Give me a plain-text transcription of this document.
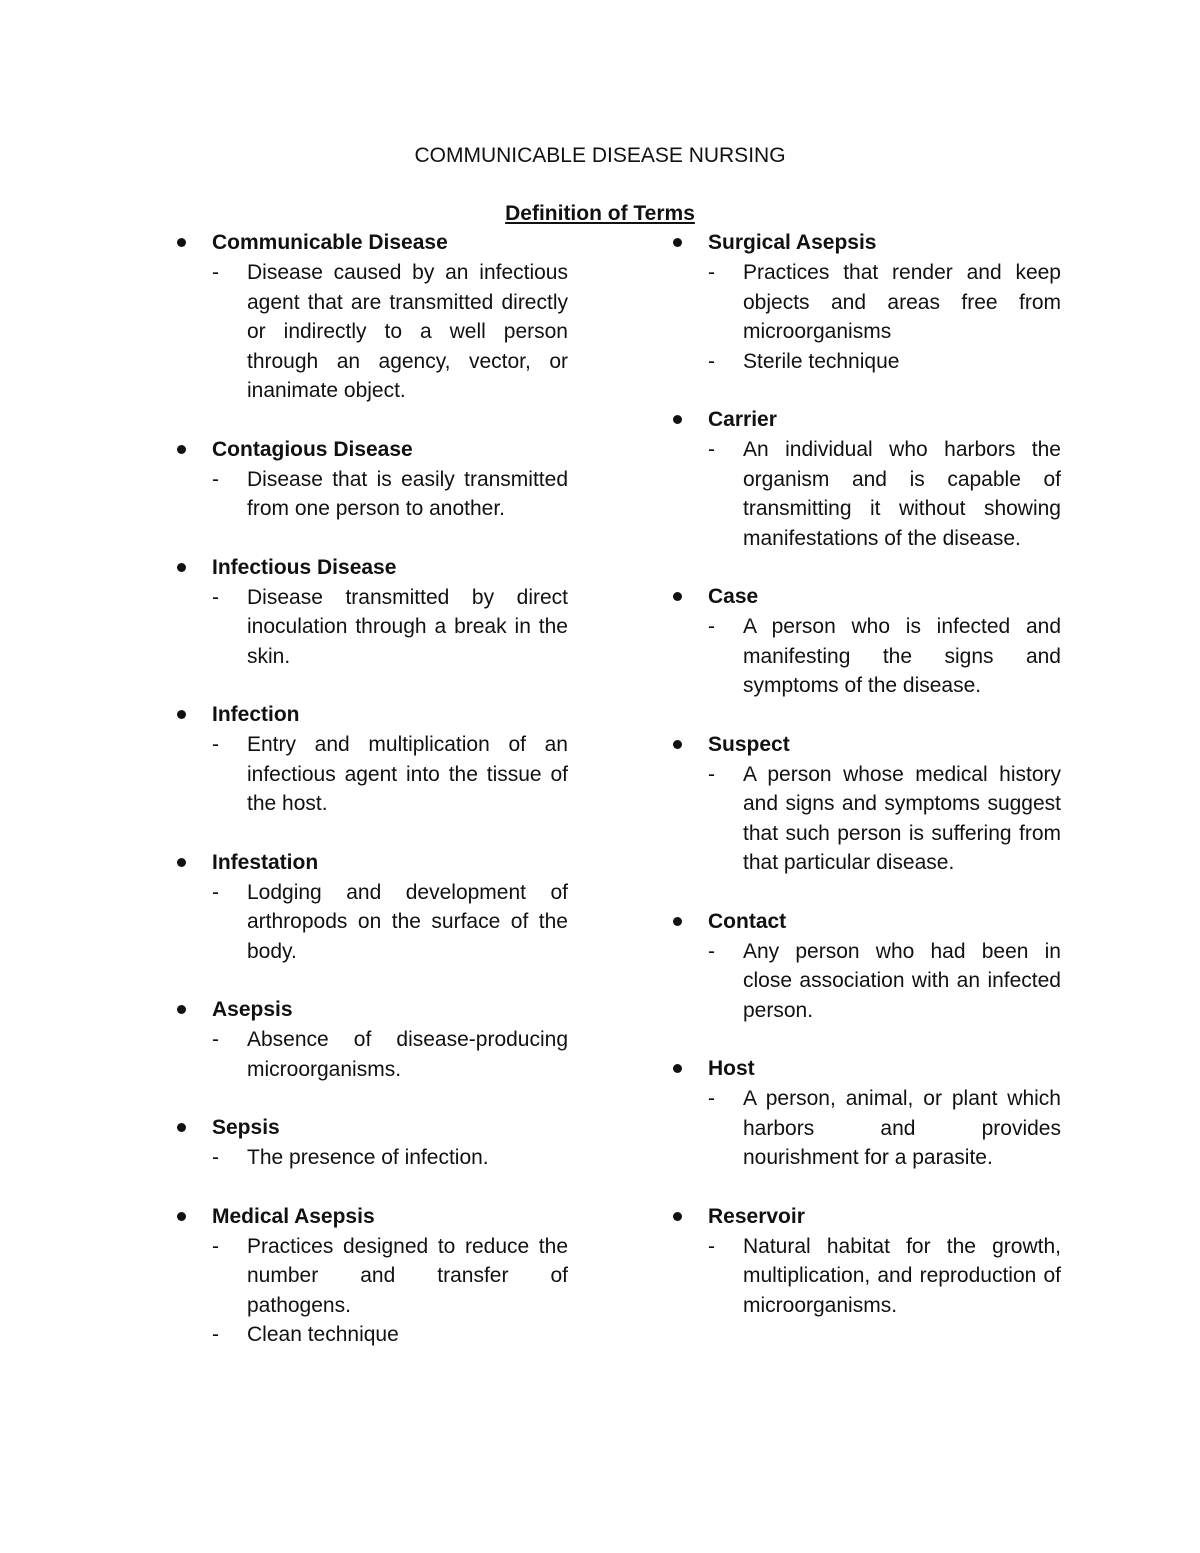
COMMUNICABLE DISEASE NURSING
Definition of Terms
Communicable Disease
-	Disease caused by an infectious agent that are transmitted directly or indirectly to a well person through an agency, vector, or inanimate object.
Contagious Disease
-	Disease that is easily transmitted from one person to another.
Infectious Disease
-	Disease transmitted by direct inoculation through a break in the skin.
Infection
-	Entry and multiplication of an infectious agent into the tissue of the host.
Infestation
-	Lodging and development of arthropods on the surface of the body.
Asepsis
-	Absence of disease-producing microorganisms.
Sepsis
-	The presence of infection.
Medical Asepsis
-	Practices designed to reduce the number and transfer of pathogens.
-	Clean technique
Surgical Asepsis
-	Practices that render and keep objects and areas free from microorganisms
-	Sterile technique
Carrier
-	An individual who harbors the organism and is capable of transmitting it without showing manifestations of the disease.
Case
-	A person who is infected and manifesting the signs and symptoms of the disease.
Suspect
-	A person whose medical history and signs and symptoms suggest that such person is suffering from that particular disease.
Contact
-	Any person who had been in close association with an infected person.
Host
-	A person, animal, or plant which harbors and provides nourishment for a parasite.
Reservoir
-	Natural habitat for the growth, multiplication, and reproduction of microorganisms.
